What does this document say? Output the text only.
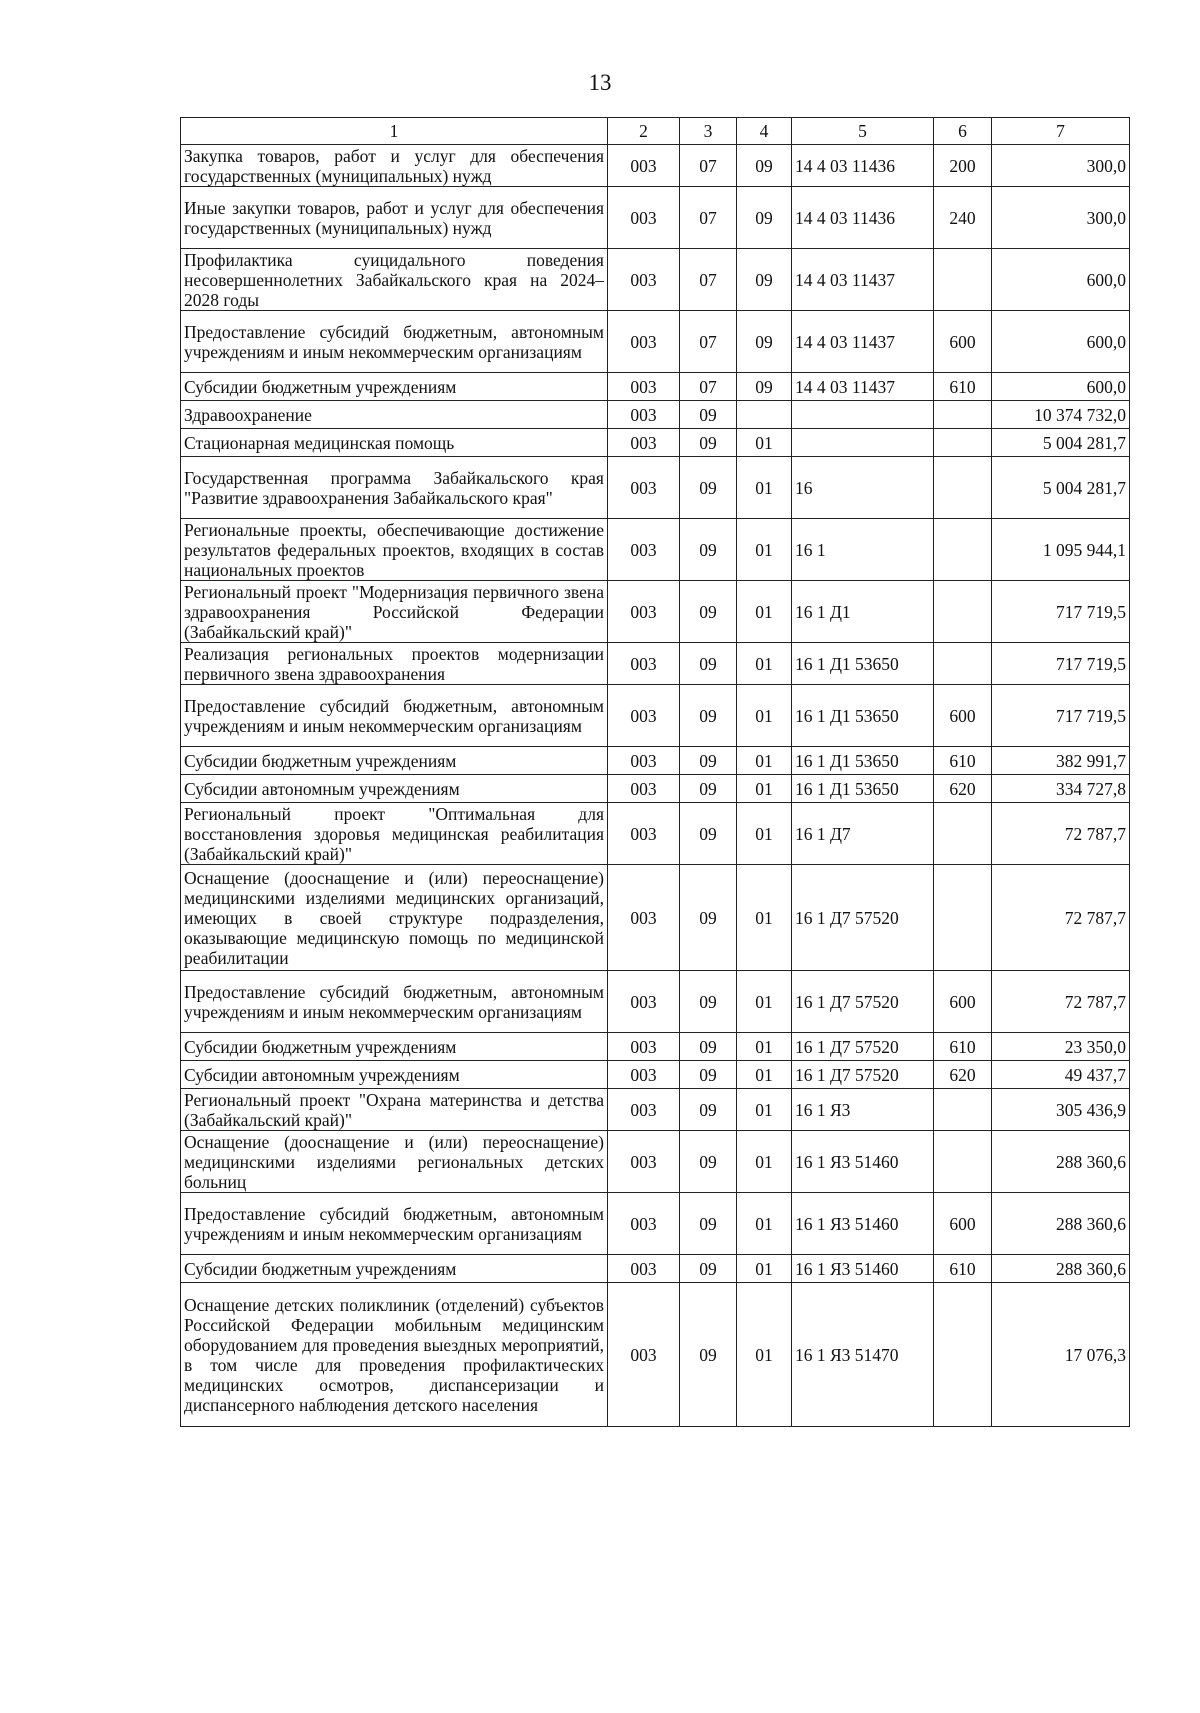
13
1	2	3	4	5	6	7
Закупка товаров, работ и услуг для обеспечения государственных (муниципальных) нужд	003	07	09	14 4 03 11436	200	300,0
Иные закупки товаров, работ и услуг для обеспечения государственных (муниципальных) нужд	003	07	09	14 4 03 11436	240	300,0
Профилактика суицидального поведения несовершеннолетних Забайкальского края на 2024–2028 годы	003	07	09	14 4 03 11437		600,0
Предоставление субсидий бюджетным, автономным учреждениям и иным некоммерческим организациям	003	07	09	14 4 03 11437	600	600,0
Субсидии бюджетным учреждениям	003	07	09	14 4 03 11437	610	600,0
Здравоохранение	003	09				10 374 732,0
Стационарная медицинская помощь	003	09	01			5 004 281,7
Государственная программа Забайкальского края "Развитие здравоохранения Забайкальского края"	003	09	01	16		5 004 281,7
Региональные проекты, обеспечивающие достижение результатов федеральных проектов, входящих в состав национальных проектов	003	09	01	16 1		1 095 944,1
Региональный проект "Модернизация первичного звена здравоохранения Российской Федерации (Забайкальский край)"	003	09	01	16 1 Д1		717 719,5
Реализация региональных проектов модернизации первичного звена здравоохранения	003	09	01	16 1 Д1 53650		717 719,5
Предоставление субсидий бюджетным, автономным учреждениям и иным некоммерческим организациям	003	09	01	16 1 Д1 53650	600	717 719,5
Субсидии бюджетным учреждениям	003	09	01	16 1 Д1 53650	610	382 991,7
Субсидии автономным учреждениям	003	09	01	16 1 Д1 53650	620	334 727,8
Региональный проект "Оптимальная для восстановления здоровья медицинская реабилитация (Забайкальский край)"	003	09	01	16 1 Д7		72 787,7
Оснащение (дооснащение и (или) переоснащение) медицинскими изделиями медицинских организаций, имеющих в своей структуре подразделения, оказывающие медицинскую помощь по медицинской реабилитации	003	09	01	16 1 Д7 57520		72 787,7
Предоставление субсидий бюджетным, автономным учреждениям и иным некоммерческим организациям	003	09	01	16 1 Д7 57520	600	72 787,7
Субсидии бюджетным учреждениям	003	09	01	16 1 Д7 57520	610	23 350,0
Субсидии автономным учреждениям	003	09	01	16 1 Д7 57520	620	49 437,7
Региональный проект "Охрана материнства и детства (Забайкальский край)"	003	09	01	16 1 Я3		305 436,9
Оснащение (дооснащение и (или) переоснащение) медицинскими изделиями региональных детских больниц	003	09	01	16 1 Я3 51460		288 360,6
Предоставление субсидий бюджетным, автономным учреждениям и иным некоммерческим организациям	003	09	01	16 1 Я3 51460	600	288 360,6
Субсидии бюджетным учреждениям	003	09	01	16 1 Я3 51460	610	288 360,6
Оснащение детских поликлиник (отделений) субъектов Российской Федерации мобильным медицинским оборудованием для проведения выездных мероприятий, в том числе для проведения профилактических медицинских осмотров, диспансеризации и диспансерного наблюдения детского населения	003	09	01	16 1 Я3 51470		17 076,3
